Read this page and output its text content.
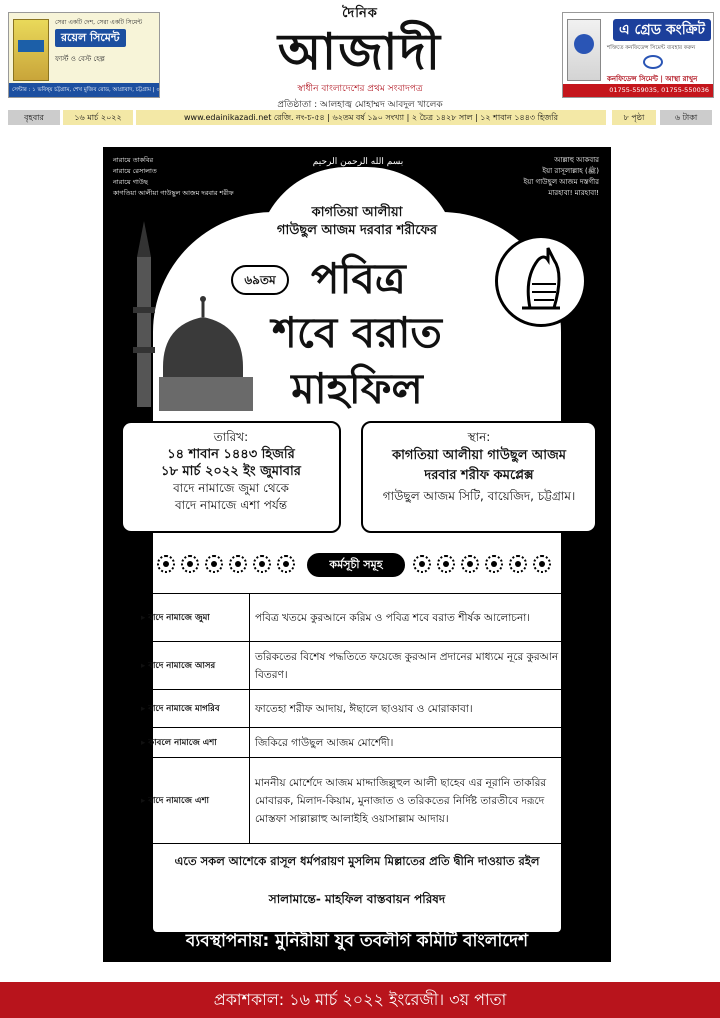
সেরা একটি দেশ, সেরা একটি সিমেন্ট
রয়েল সিমেন্ট
ফার্স্ট ও বেস্ট হেল্প
সেন্টার : ১ ভবিষ্য় চট্টগ্রাম, শেখ মুজিব রোড, আগ্রাবাদ, চট্টগ্রাম | ০১৭৩০-৩০৪৭৩০
দৈনিক
আজাদী
স্বাধীন বাংলাদেশের প্রথম সংবাদপত্র
প্রতিষ্ঠাতা : আলহাজ্ব মোহাম্মদ আবদুল খালেক
এ গ্রেড কংক্রিট
শক্তিতে কনফিডেন্স সিমেন্ট ব্যবহার করুন
কনফিডেন্স সিমেন্ট | আস্থা রাখুন
01755-559035, 01755-550036
বৃহবার	১৬ মার্চ ২০২২	www.edainikazadi.net রেজি. নং-চ-৫৪ | ৬২তম বর্ষ ১৯০ সংখ্যা | ২ চৈত্র ১৪২৮ সাল | ১২ শাবান ১৪৪৩ হিজরি	৮ পৃষ্ঠা	৬ টাকা
নারায়ে তাকবির
নারায়ে রেসালাত
নারায়ে গাউছ
কাগতিয়া আলীয়া গাউছুল আজম দরবার শরীফ
بسم الله الرحمن الرحيم	আল্লাহু আকবার
ইয়া রাসূলাল্লাহ (ﷺ)
ইয়া গাউছুল আজম দস্তগীর
মারহাবা! মারহাবা!
কাগতিয়া আলীয়া
গাউছুল আজম দরবার শরীফের
৬৯তম পবিত্র
শবে বরাত
মাহফিল
তারিখ:
১৪ শাবান ১৪৪৩ হিজরি
১৮ মার্চ ২০২২ ইং জুমাবার
বাদে নামাজে জুমা থেকে
বাদে নামাজে এশা পর্যন্ত
স্থান:
কাগতিয়া আলীয়া গাউছুল আজম
দরবার শরীফ কমপ্লেক্স
গাউছুল আজম সিটি, বায়েজিদ, চট্টগ্রাম।
কর্মসূচী সমূহ
▸ বাদে নামাজে জুমা	পবিত্র খতমে কুরআনে করিম ও পবিত্র শবে বরাত শীর্ষক আলোচনা।
▸ বাদে নামাজে আসর	তরিকতের বিশেষ পদ্ধতিতে ফয়েজে কুরআন প্রদানের মাধ্যমে নূরে কুরআন বিতরণ।
▸ বাদে নামাজে মাগরিব	ফাতেহা শরীফ আদায়, ঈছালে ছাওয়াব ও মোরাকাবা।
▸ কাবলে নামাজে এশা	জিকিরে গাউছুল আজম মোর্শেদী।
▸ বাদে নামাজে এশা	মাননীয় মোর্শেদে আজম মাদ্দাজিল্লুহুল আলী ছাহেব এর নূরানি তাকরির মোবারক, মিলাদ-কিয়াম, মুনাজাত ও তরিকতের নির্দিষ্ট তারতীবে দরূদে মোস্তফা সাল্লাল্লাহু আলাইহি ওয়াসাল্লাম আদায়।
এতে সকল আশেকে রাসূল ধর্মপরায়ণ মুসলিম মিল্লাতের প্রতি দ্বীনি দাওয়াত রইল
সালামান্তে- মাহফিল বাস্তবায়ন পরিষদ
ব্যবস্থাপনায়: মুনিরীয়া যুব তবলীগ কমিটি বাংলাদেশ
প্রকাশকাল: ১৬ মার্চ ২০২২ ইংরেজী। ৩য় পাতা
